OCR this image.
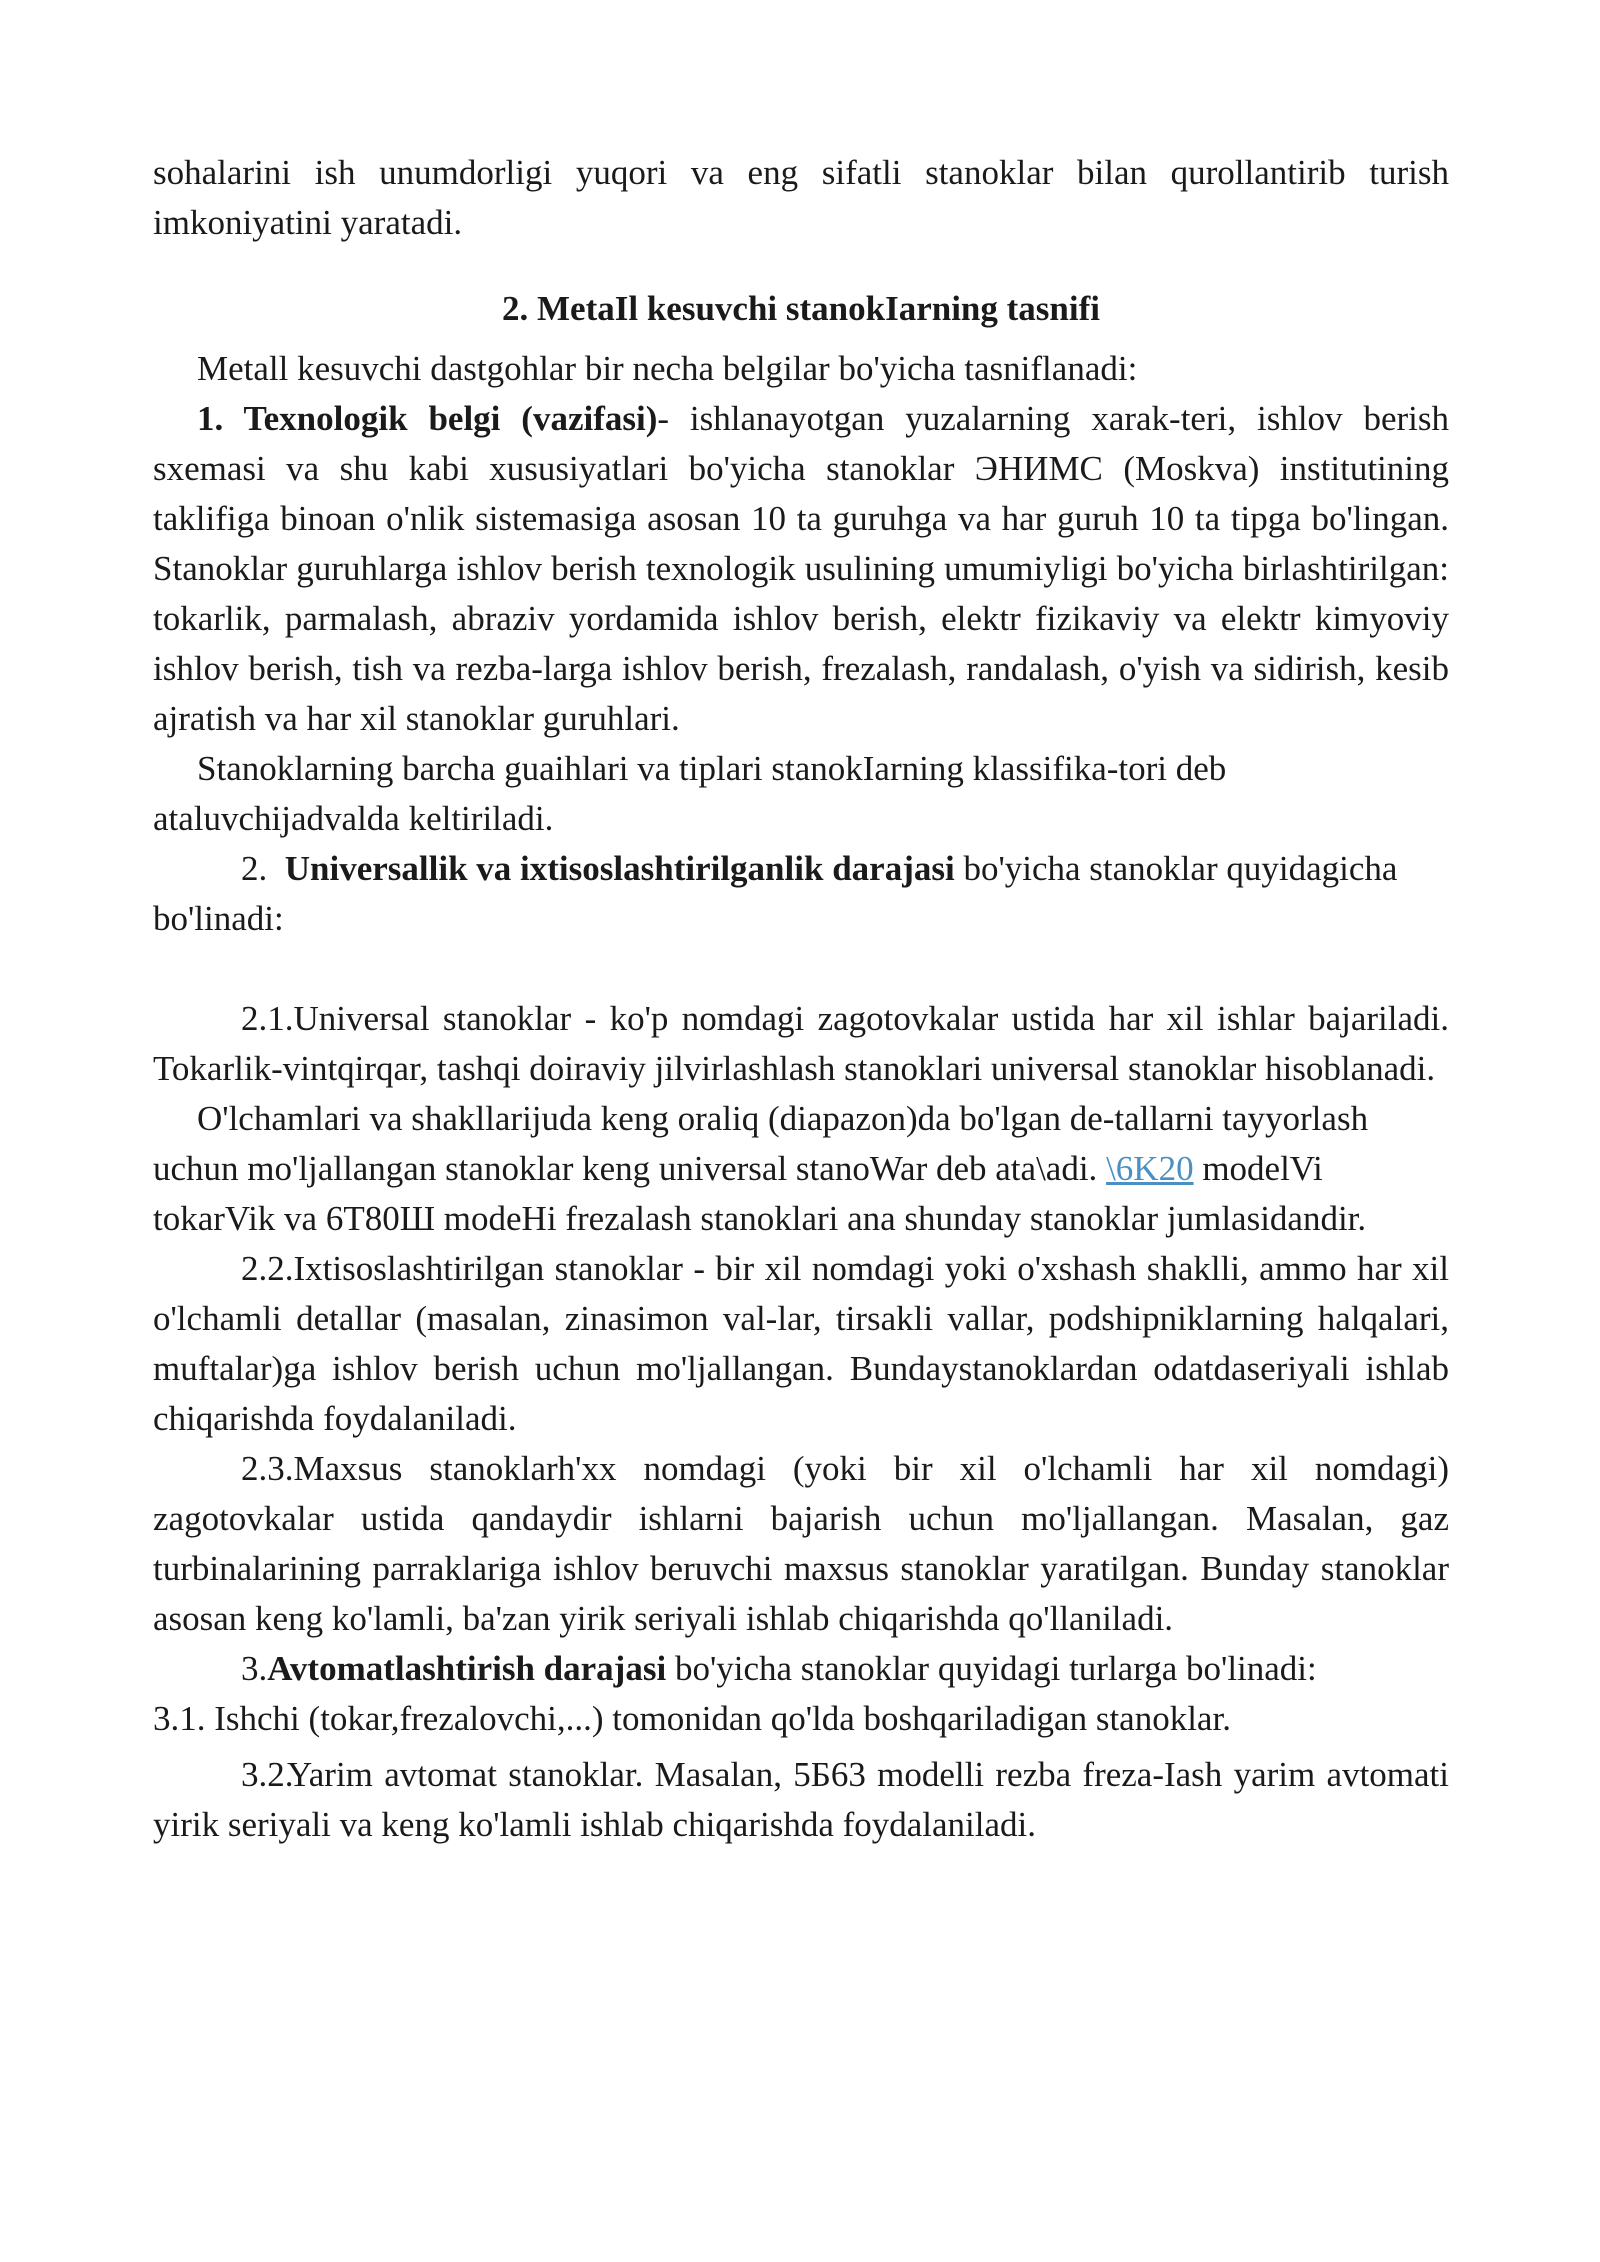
sohalarini ish unumdorligi yuqori va eng sifatli stanoklar bilan qurollantirib turish imkoniyatini yaratadi.

2. MetaIl kesuvchi stanokIarning tasnifi

Metall kesuvchi dastgohlar bir necha belgilar bo'yicha tasniflanadi:

1. Texnologik belgi (vazifasi)- ishlanayotgan yuzalarning xarak-teri, ishlov berish sxemasi va shu kabi xususiyatlari bo'yicha stanoklar ЭНИМС (Moskva) institutining taklifiga binoan o'nlik sistemasiga asosan 10 ta guruhga va har guruh 10 ta tipga bo'lingan. Stanoklar guruhlarga ishlov berish texnologik usulining umumiyligi bo'yicha birlashtirilgan: tokarlik, parmalash, abraziv yordamida ishlov berish, elektr fizikaviy va elektr kimyoviy ishlov berish, tish va rezba-larga ishlov berish, frezalash, randalash, o'yish va sidirish, kesib ajratish va har xil stanoklar guruhlari.

Stanoklarning barcha guaihlari va tiplari stanokIarning klassifika-tori deb ataluvchijadvalda keltiriladi.

2. Universallik va ixtisoslashtirilganlik darajasi bo'yicha stanoklar quyidagicha bo'linadi:

2.1.Universal stanoklar - ko'p nomdagi zagotovkalar ustida har xil ishlar bajariladi. Tokarlik-vintqirqar, tashqi doiraviy jilvirlashlash stanoklari universal stanoklar hisoblanadi.

O'lchamlari va shakllarijuda keng oraliq (diapazon)da bo'lgan de-tallarni tayyorlash uchun mo'ljallangan stanoklar keng universal stanoWar deb ata\adi. \6K20 modelVi tokarVik va 6T80Ш modeHi frezalash stanoklari ana shunday stanoklar jumlasidandir.

2.2.Ixtisoslashtirilgan stanoklar - bir xil nomdagi yoki o'xshash shaklli, ammo har xil o'lchamli detallar (masalan, zinasimon val-lar, tirsakli vallar, podshipniklarning halqalari, muftalar)ga ishlov berish uchun mo'ljallangan. Bundaystanoklardan odatdaseriyali ishlab chiqarishda foydalaniladi.

2.3.Maxsus stanoklarh'xx nomdagi (yoki bir xil o'lchamli har xil nomdagi) zagotovkalar ustida qandaydir ishlarni bajarish uchun mo'ljallangan. Masalan, gaz turbinalarining parraklariga ishlov beruvchi maxsus stanoklar yaratilgan. Bunday stanoklar asosan keng ko'lamli, ba'zan yirik seriyali ishlab chiqarishda qo'llaniladi.

3.Avtomatlashtirish darajasi bo'yicha stanoklar quyidagi turlarga bo'linadi:

3.1. Ishchi (tokar,frezalovchi,...) tomonidan qo'lda boshqariladigan stanoklar.

3.2.Yarim avtomat stanoklar. Masalan, 5Б63 modelli rezba freza-Iash yarim avtomati yirik seriyali va keng ko'lamli ishlab chiqarishda foydalaniladi.
